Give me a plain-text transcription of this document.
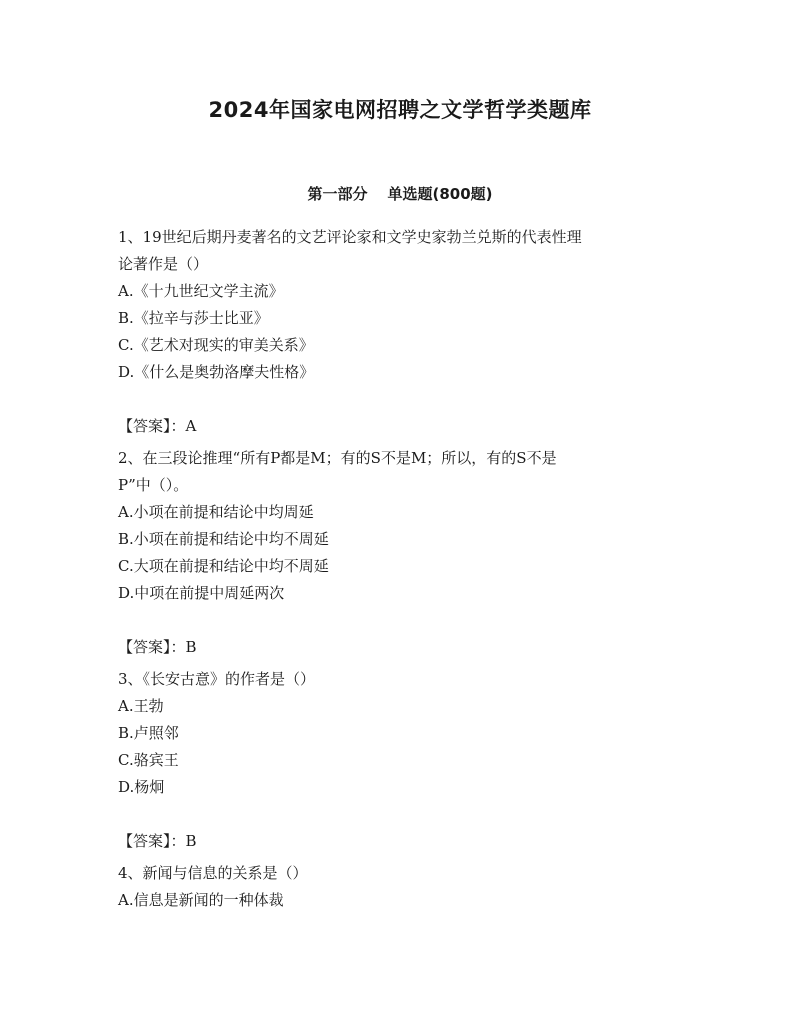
2024年国家电网招聘之文学哲学类题库
第一部分 单选题(800题)

1、19世纪后期丹麦著名的文艺评论家和文学史家勃兰兑斯的代表性理

论著作是（）

A.《十九世纪文学主流》

B.《拉辛与莎士比亚》

C.《艺术对现实的审美关系》

D.《什么是奥勃洛摩夫性格》

【答案】：A

2、在三段论推理“所有P都是M；有的S不是M；所以，有的S不是

P”中（）。

A.小项在前提和结论中均周延

B.小项在前提和结论中均不周延

C.大项在前提和结论中均不周延

D.中项在前提中周延两次

【答案】：B

3、《长安古意》的作者是（）

A.王勃

B.卢照邻

C.骆宾王

D.杨炯

【答案】：B

4、新闻与信息的关系是（）

A.信息是新闻的一种体裁
